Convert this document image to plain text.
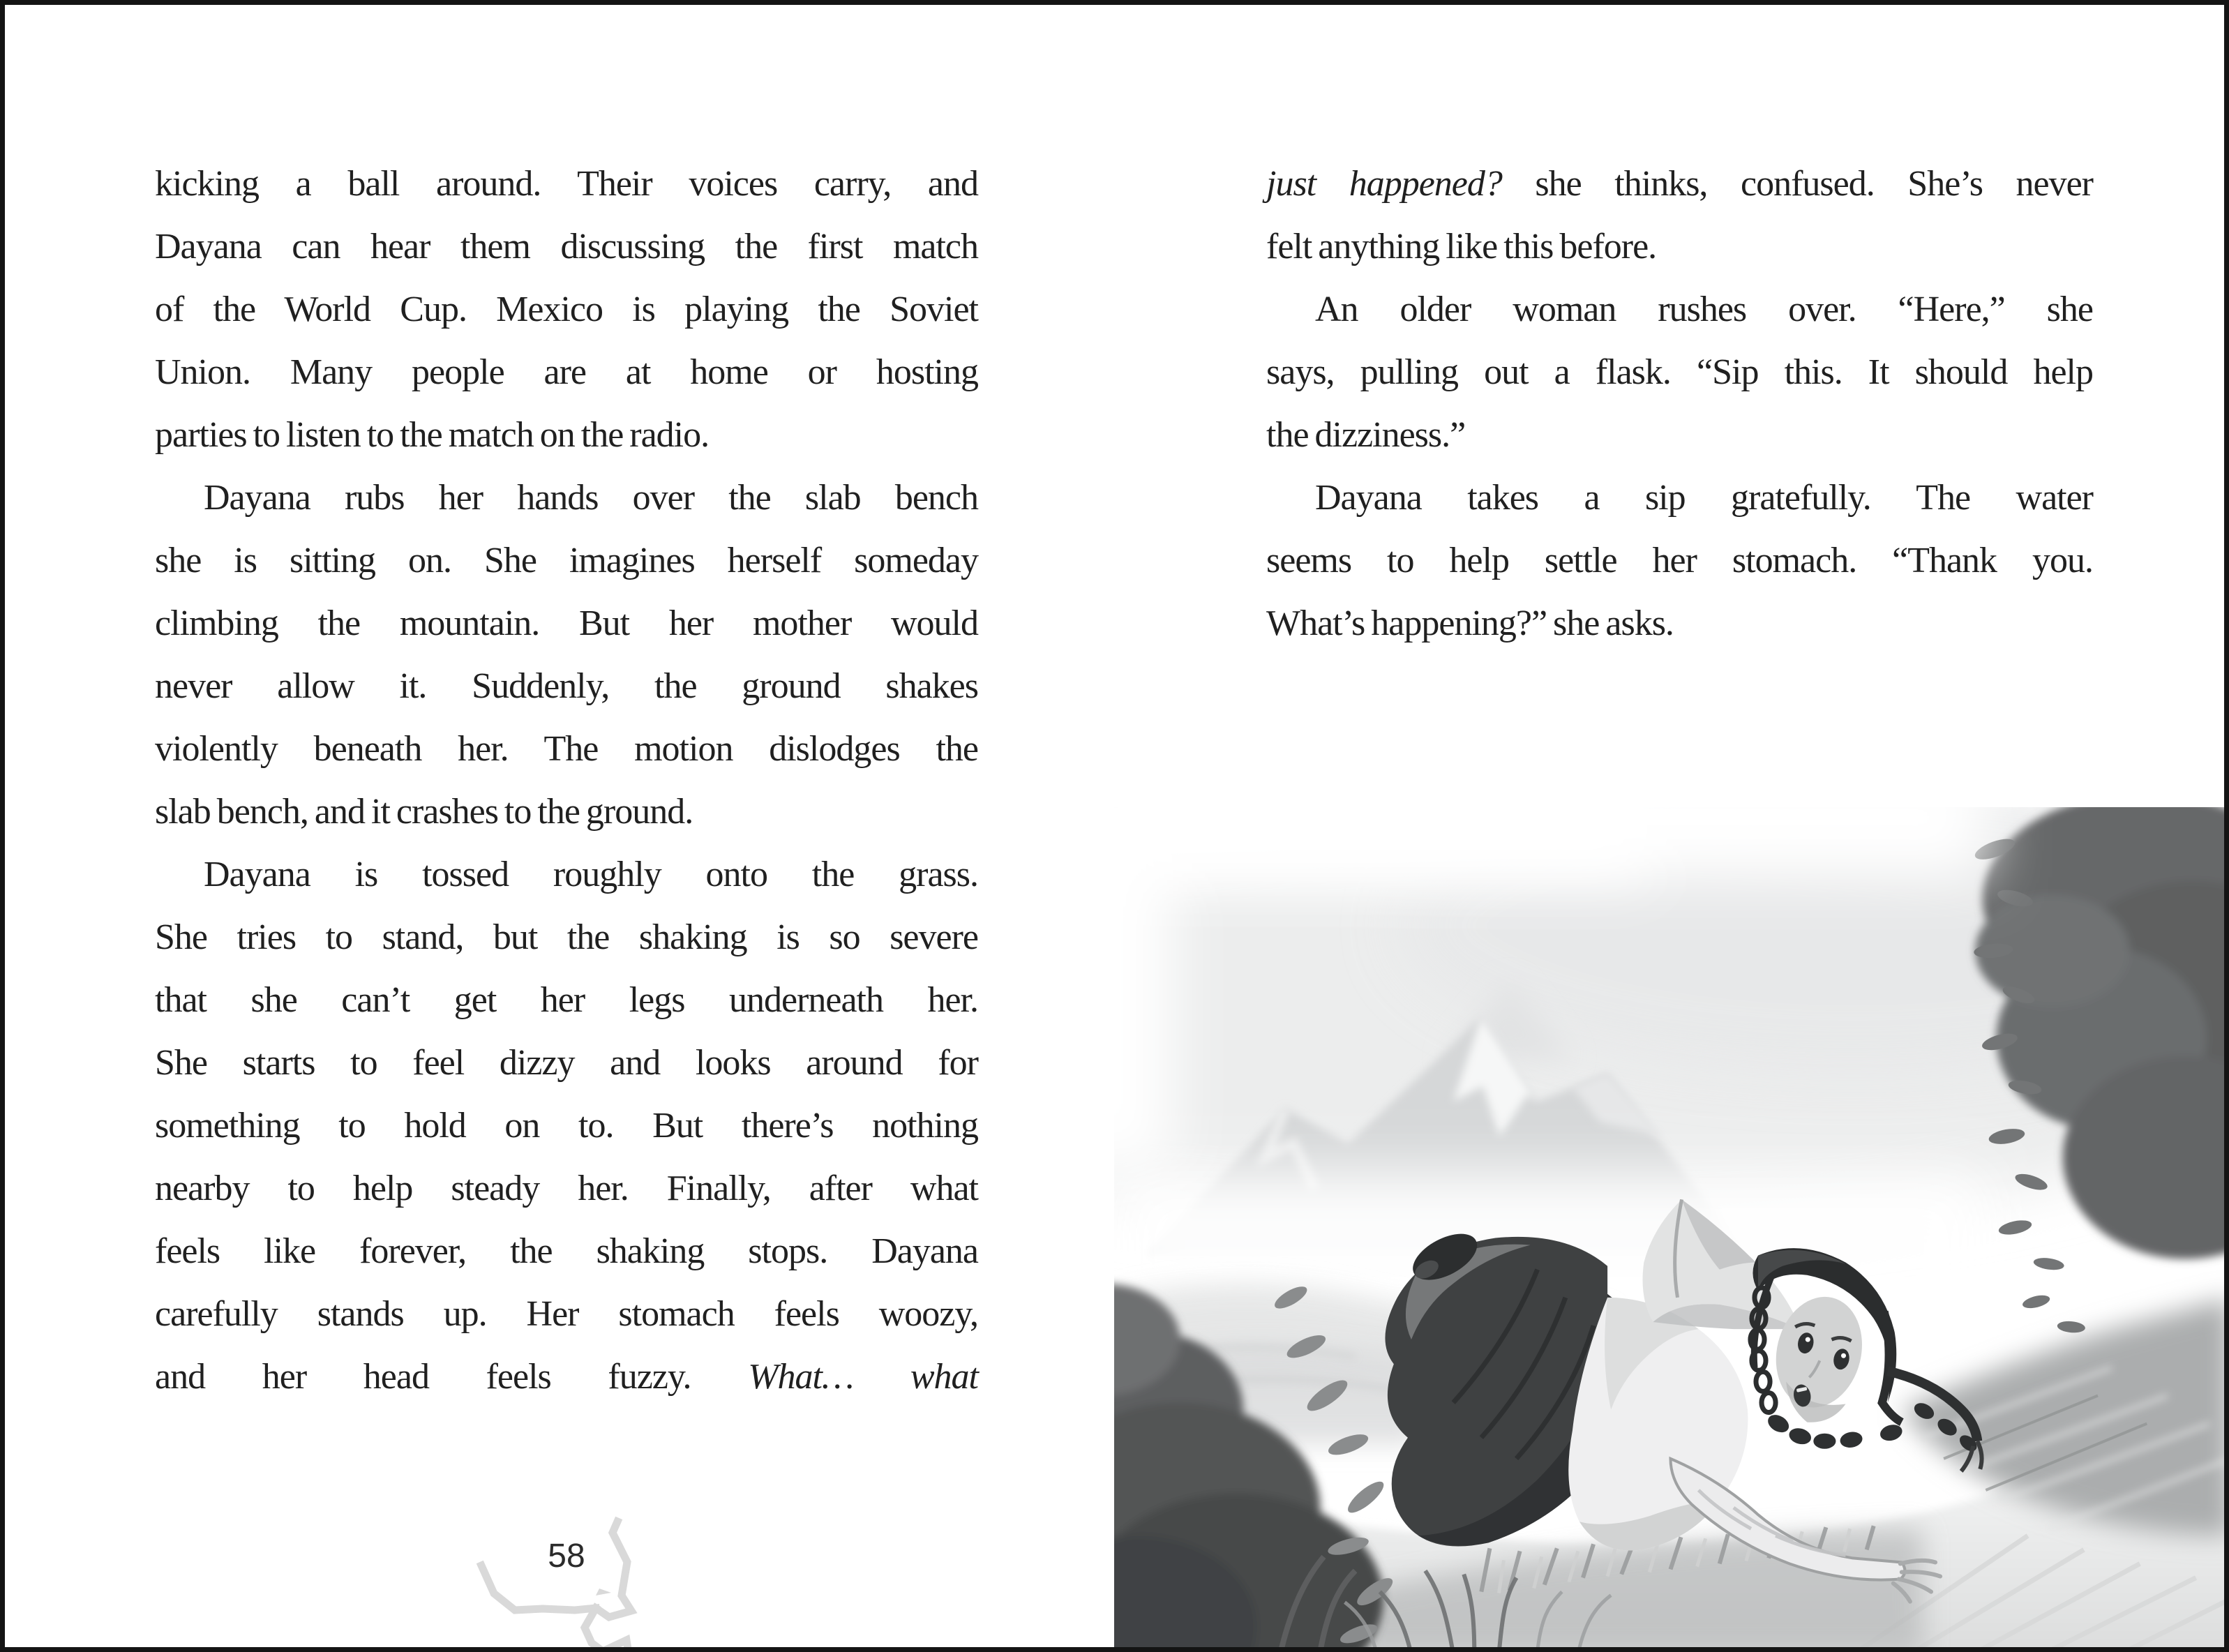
kicking a ball around. Their voices carry, and
Dayana can hear them discussing the first match
of the World Cup. Mexico is playing the Soviet
Union. Many people are at home or hosting
parties to listen to the match on the radio.
Dayana rubs her hands over the slab bench
she is sitting on. She imagines herself someday
climbing the mountain. But her mother would
never allow it. Suddenly, the ground shakes
violently beneath her. The motion dislodges the
slab bench, and it crashes to the ground.
Dayana is tossed roughly onto the grass.
She tries to stand, but the shaking is so severe
that she can’t get her legs underneath her.
She starts to feel dizzy and looks around for
something to hold on to. But there’s nothing
nearby to help steady her. Finally, after what
feels like forever, the shaking stops. Dayana
carefully stands up. Her stomach feels woozy,
and her head feels fuzzy. What… what
58
just happened? she thinks, confused. She’s never
felt anything like this before.
An older woman rushes over. “Here,” she
says, pulling out a flask. “Sip this. It should help
the dizziness.”
Dayana takes a sip gratefully. The water
seems to help settle her stomach. “Thank you.
What’s happening?” she asks.
